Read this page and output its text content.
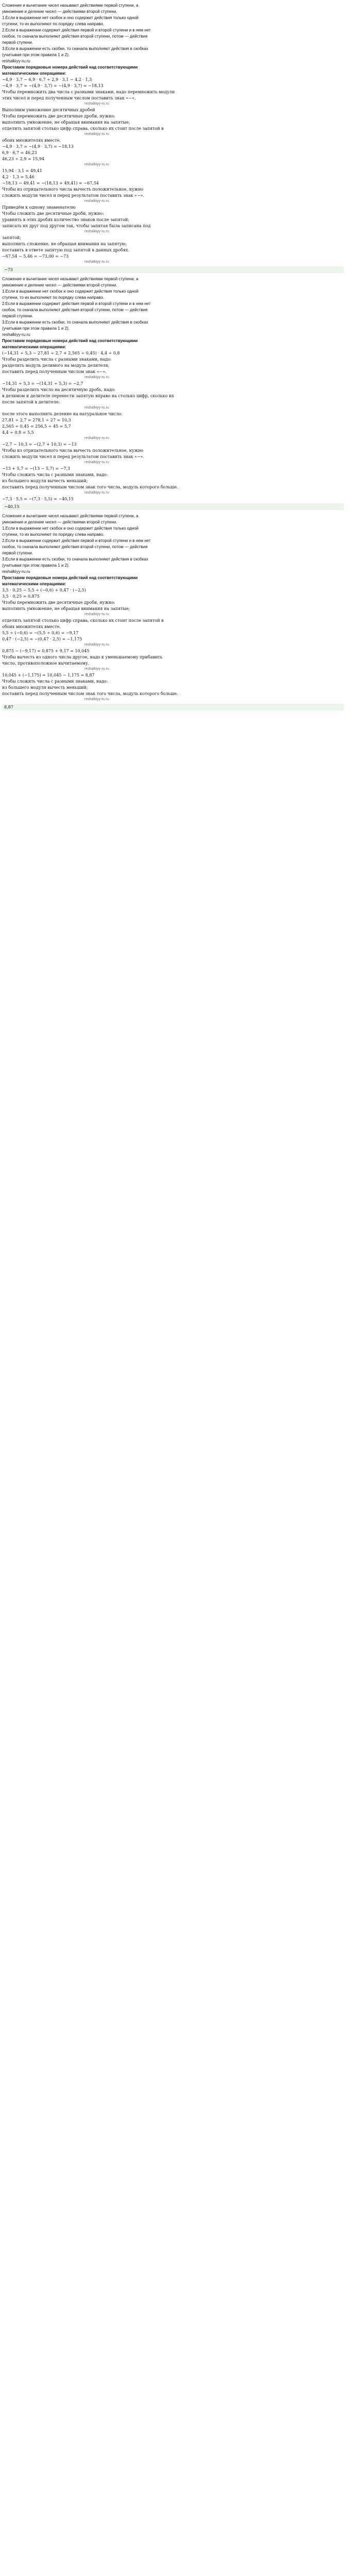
Сложение и вычитание чисел называют действиями первой ступени, а
умножение и деление чисел — действиями второй ступени.
1.Если в выражении нет скобок и оно содержит действия только одной
ступени, то их выполняют по порядку слева направо.
2.Если в выражении содержит действия первой и второй ступени и в нем нет
скобок, то сначала выполняют действия второй ступени, потом — действия
первой ступени.
3.Если в выражении есть скобки, то сначала выполняют действия в скобках
(учитывая при этом правила 1 и 2).
reshalkiyy-ru.ru
Проставим порядковые номера действий над соответствующими
математическими операциями:
−4,9 · 3,7 − 6,9 · 6,7 ÷ 2,9 · 3,1 − 4,2 · 1,3
−4,9 · 3,7 = −(4,9 · 3,7) = −(4,9 · 3,7) = −18,13
Чтобы перемножить два числа с разными знаками, надо перемножить модули
этих чисел и перед полученным числом поставить знак «−».
reshalkiyy-ru.ru
Выполним умножение десятичных дробей
Чтобы перемножить две десятичные дроби, нужно:
выполнить умножение, не обращая внимания на запятые;
отделить запятой столько цифр справа, сколько их стоит после запятой в
reshalkiyy-ru.ru
обоих множителях вместе.
−4,9 · 3,7 = −(4,9 · 3,7) = −18,13
6,9 · 6,7 = 46,23
46,23 ÷ 2,9 = 15,94
reshalkiyy-ru.ru
15,94 · 3,1 = 49,41
4,2 · 1,3 = 5,46
−18,13 − 49,41 = −(18,13 + 49,41) = −67,54
Чтобы из отрицательного числа вычесть положительное, нужно
сложить модули чисел и перед результатом поставить знак «−».
reshalkiyy-ru.ru
Приведём к одному знаменателю
Чтобы сложить две десятичные дроби, нужно:
уравнять в этих дробях количество знаков после запятой;
записать их друг под другом так, чтобы запятая была записана под
reshalkiyy-ru.ru
запятой;
выполнить сложение, не обращая внимания на запятую;
поставить в ответе запятую под запятой в данных дробях.
−67,54 − 5,46 = −73,00 = −73
reshalkiyy-ru.ru
−73
Сложение и вычитание чисел называют действиями первой ступени, а
умножение и деление чисел — действиями второй ступени.
1.Если в выражении нет скобок и оно содержит действия только одной
ступени, то их выполняют по порядку слева направо.
2.Если в выражении содержит действия первой и второй ступени и в нем нет
скобок, то сначала выполняют действия второй ступени, потом — действия
первой ступени.
3.Если в выражении есть скобки, то сначала выполняют действия в скобках
(учитывая при этом правила 1 и 2).
reshalkiyy-ru.ru
Проставим порядковые номера действий над соответствующими
математическими операциями:
(−14,31 ÷ 5,3 − 27,81 ÷ 2,7 + 2,565 ÷ 0,45) · 4,4 ÷ 0,8
Чтобы разделить числа с разными знаками, надо:
разделить модуль делимого на модуль делителя;
поставить перед полученным числом знак «−».
reshalkiyy-ru.ru
−14,31 ÷ 5,3 = −(14,31 ÷ 5,3) = −2,7
Чтобы разделить число на десятичную дробь, надо:
в делимом и делителе перенести запятую вправо на столько цифр, сколько их
после запятой в делителе;
reshalkiyy-ru.ru
после этого выполнить деление на натуральное число.
27,81 ÷ 2,7 = 278,1 ÷ 27 = 10,3
2,565 ÷ 0,45 = 256,5 ÷ 45 = 5,7
4,4 ÷ 0,8 = 5,5
reshalkiyy-ru.ru
−2,7 − 10,3 = −(2,7 + 10,3) = −13
Чтобы из отрицательного числа вычесть положительное, нужно
сложить модули чисел и перед результатом поставить знак «−».
reshalkiyy-ru.ru
−13 + 5,7 = −(13 − 5,7) = −7,3
Чтобы сложить числа с разными знаками, надо:
из большего модуля вычесть меньший;
поставить перед полученным числом знак того числа, модуль которого больше.
reshalkiyy-ru.ru
−7,3 · 5,5 = −(7,3 · 5,5) = −40,15
−40,15
Сложение и вычитание чисел называют действиями первой ступени, а
умножение и деление чисел — действиями второй ступени.
1.Если в выражении нет скобок и оно содержит действия только одной
ступени, то их выполняют по порядку слева направо.
2.Если в выражении содержит действия первой и второй ступени и в нем нет
скобок, то сначала выполняют действия второй ступени, потом — действия
первой ступени.
3.Если в выражении есть скобки, то сначала выполняют действия в скобках
(учитывая при этом правила 1 и 2).
reshalkiyy-ru.ru
Проставим порядковые номера действий над соответствующими
математическими операциями:
3,5 · 0,25 − 5,5 ÷ (−0,6) + 0,47 · (−2,5)
3,5 · 0,25 = 0,875
Чтобы перемножить две десятичные дроби, нужно:
выполнить умножение, не обращая внимания на запятые;
reshalkiyy-ru.ru
отделить запятой столько цифр справа, сколько их стоит после запятой в
обоих множителях вместе.
5,5 ÷ (−0,6) = −(5,5 ÷ 0,6) = −9,17
0,47 · (−2,5) = −(0,47 · 2,5) = −1,175
reshalkiyy-ru.ru
0,875 − (−9,17) = 0,875 + 9,17 = 10,045
Чтобы вычесть из одного числа другое, надо к уменьшаемому прибавить
число, противоположное вычитаемому.
reshalkiyy-ru.ru
10,045 + (−1,175) = 10,045 − 1,175 = 8,87
Чтобы сложить числа с разными знаками, надо:
из большего модуля вычесть меньший;
поставить перед полученным числом знак того числа, модуль которого больше.
reshalkiyy-ru.ru
8,87
